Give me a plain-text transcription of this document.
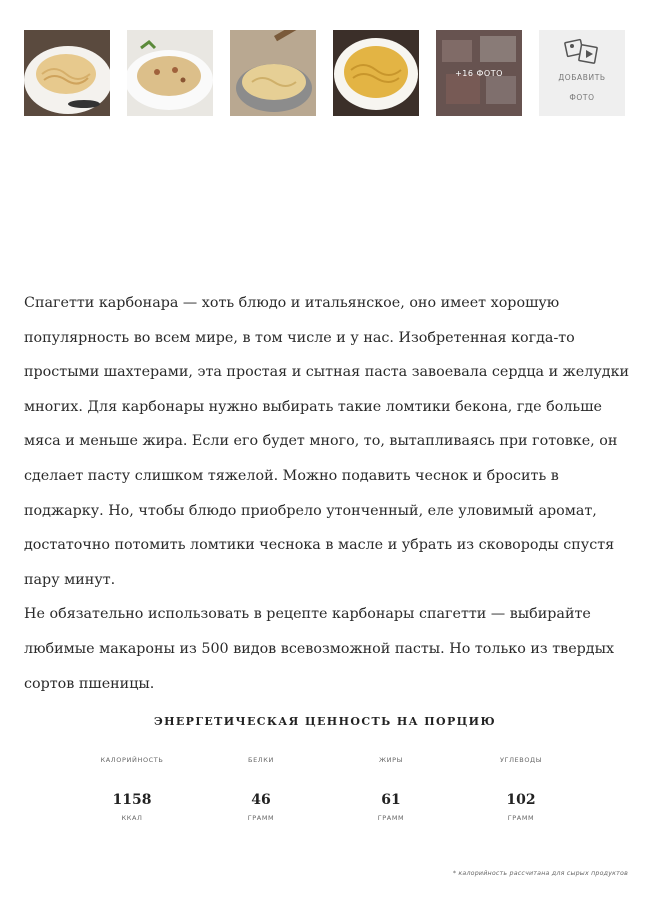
+16 ФОТО	ДОБАВИТЬ ФОТО

Спагетти карбонара — хоть блюдо и итальянское, оно имеет хорошую популярность во всем мире, в том числе и у нас. Изобретенная когда-то простыми шахтерами, эта простая и сытная паста завоевала сердца и желудки многих. Для карбонары нужно выбирать такие ломтики бекона, где больше мяса и меньше жира. Если его будет много, то, вытапливаясь при готовке, он сделает пасту слишком тяжелой. Можно подавить чеснок и бросить в поджарку. Но, чтобы блюдо приобрело утонченный, еле уловимый аромат, достаточно потомить ломтики чеснока в масле и убрать из сковороды спустя пару минут.

Не обязательно использовать в рецепте карбонары спагетти — выбирайте любимые макароны из 500 видов всевозможной пасты. Но только из твердых сортов пшеницы.

ЭНЕРГЕТИЧЕСКАЯ ЦЕННОСТЬ НА ПОРЦИЮ
КАЛОРИЙНОСТЬ
1158
ККАЛ
БЕЛКИ
46
ГРАММ
ЖИРЫ
61
ГРАММ
УГЛЕВОДЫ
102
ГРАММ
* калорийность рассчитана для сырых продуктов
